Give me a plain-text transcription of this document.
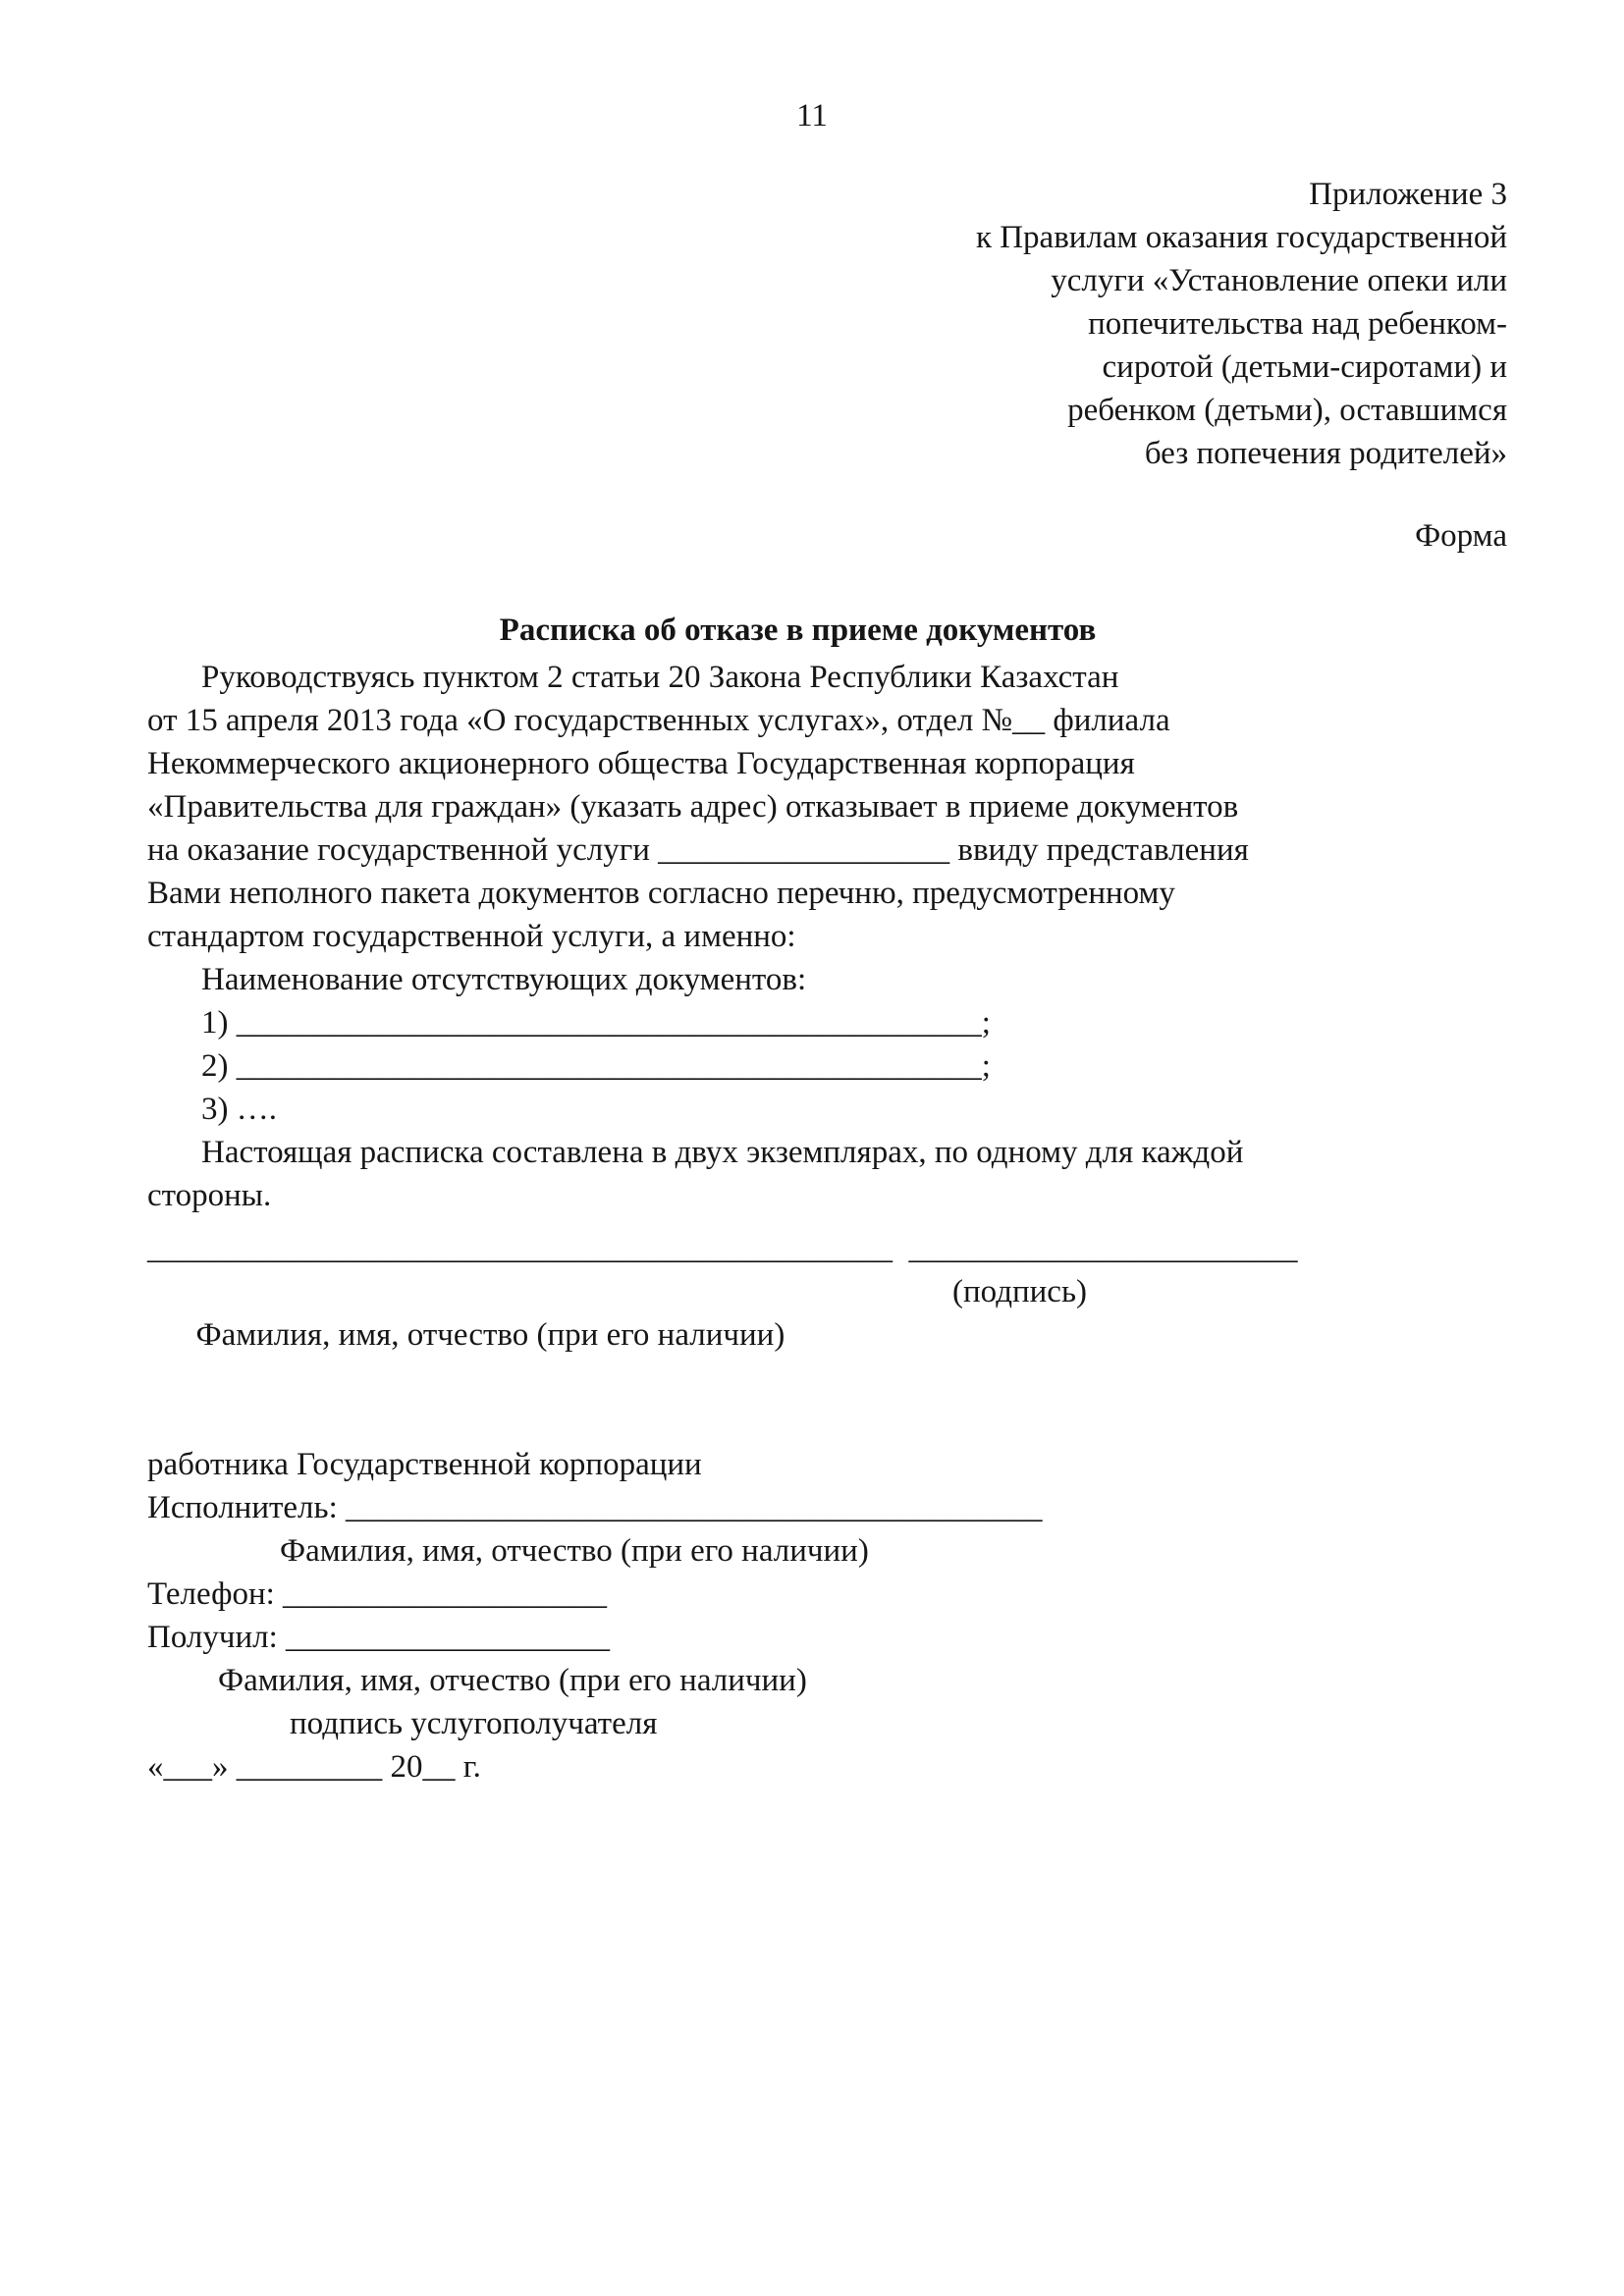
11
Приложение 3
к Правилам оказания государственной
услуги «Установление опеки или
попечительства над ребенком-
сиротой (детьми-сиротами) и
ребенком (детьми), оставшимся
без попечения родителей»
Форма
Расписка об отказе в приеме документов
Руководствуясь пунктом 2 статьи 20 Закона Республики Казахстан
от 15 апреля 2013 года «О государственных услугах», отдел №__ филиала
Некоммерческого акционерного общества Государственная корпорация
«Правительства для граждан» (указать адрес) отказывает в приеме документов
на оказание государственной услуги __________________ ввиду представления
Вами неполного пакета документов согласно перечню, предусмотренному
стандартом государственной услуги, а именно:
Наименование отсутствующих документов:
1) ______________________________________________;
2) ______________________________________________;
3) ….
Настоящая расписка составлена в двух экземплярах, по одному для каждой
стороны.
______________________________________________  ________________________

Фамилия, имя, отчество (при его наличии)

(подпись)

работника Государственной корпорации
Исполнитель: ___________________________________________
Фамилия, имя, отчество (при его наличии)
Телефон: ____________________
Получил: ____________________
Фамилия, имя, отчество (при его наличии)
подпись услугополучателя
«___» _________ 20__ г.
